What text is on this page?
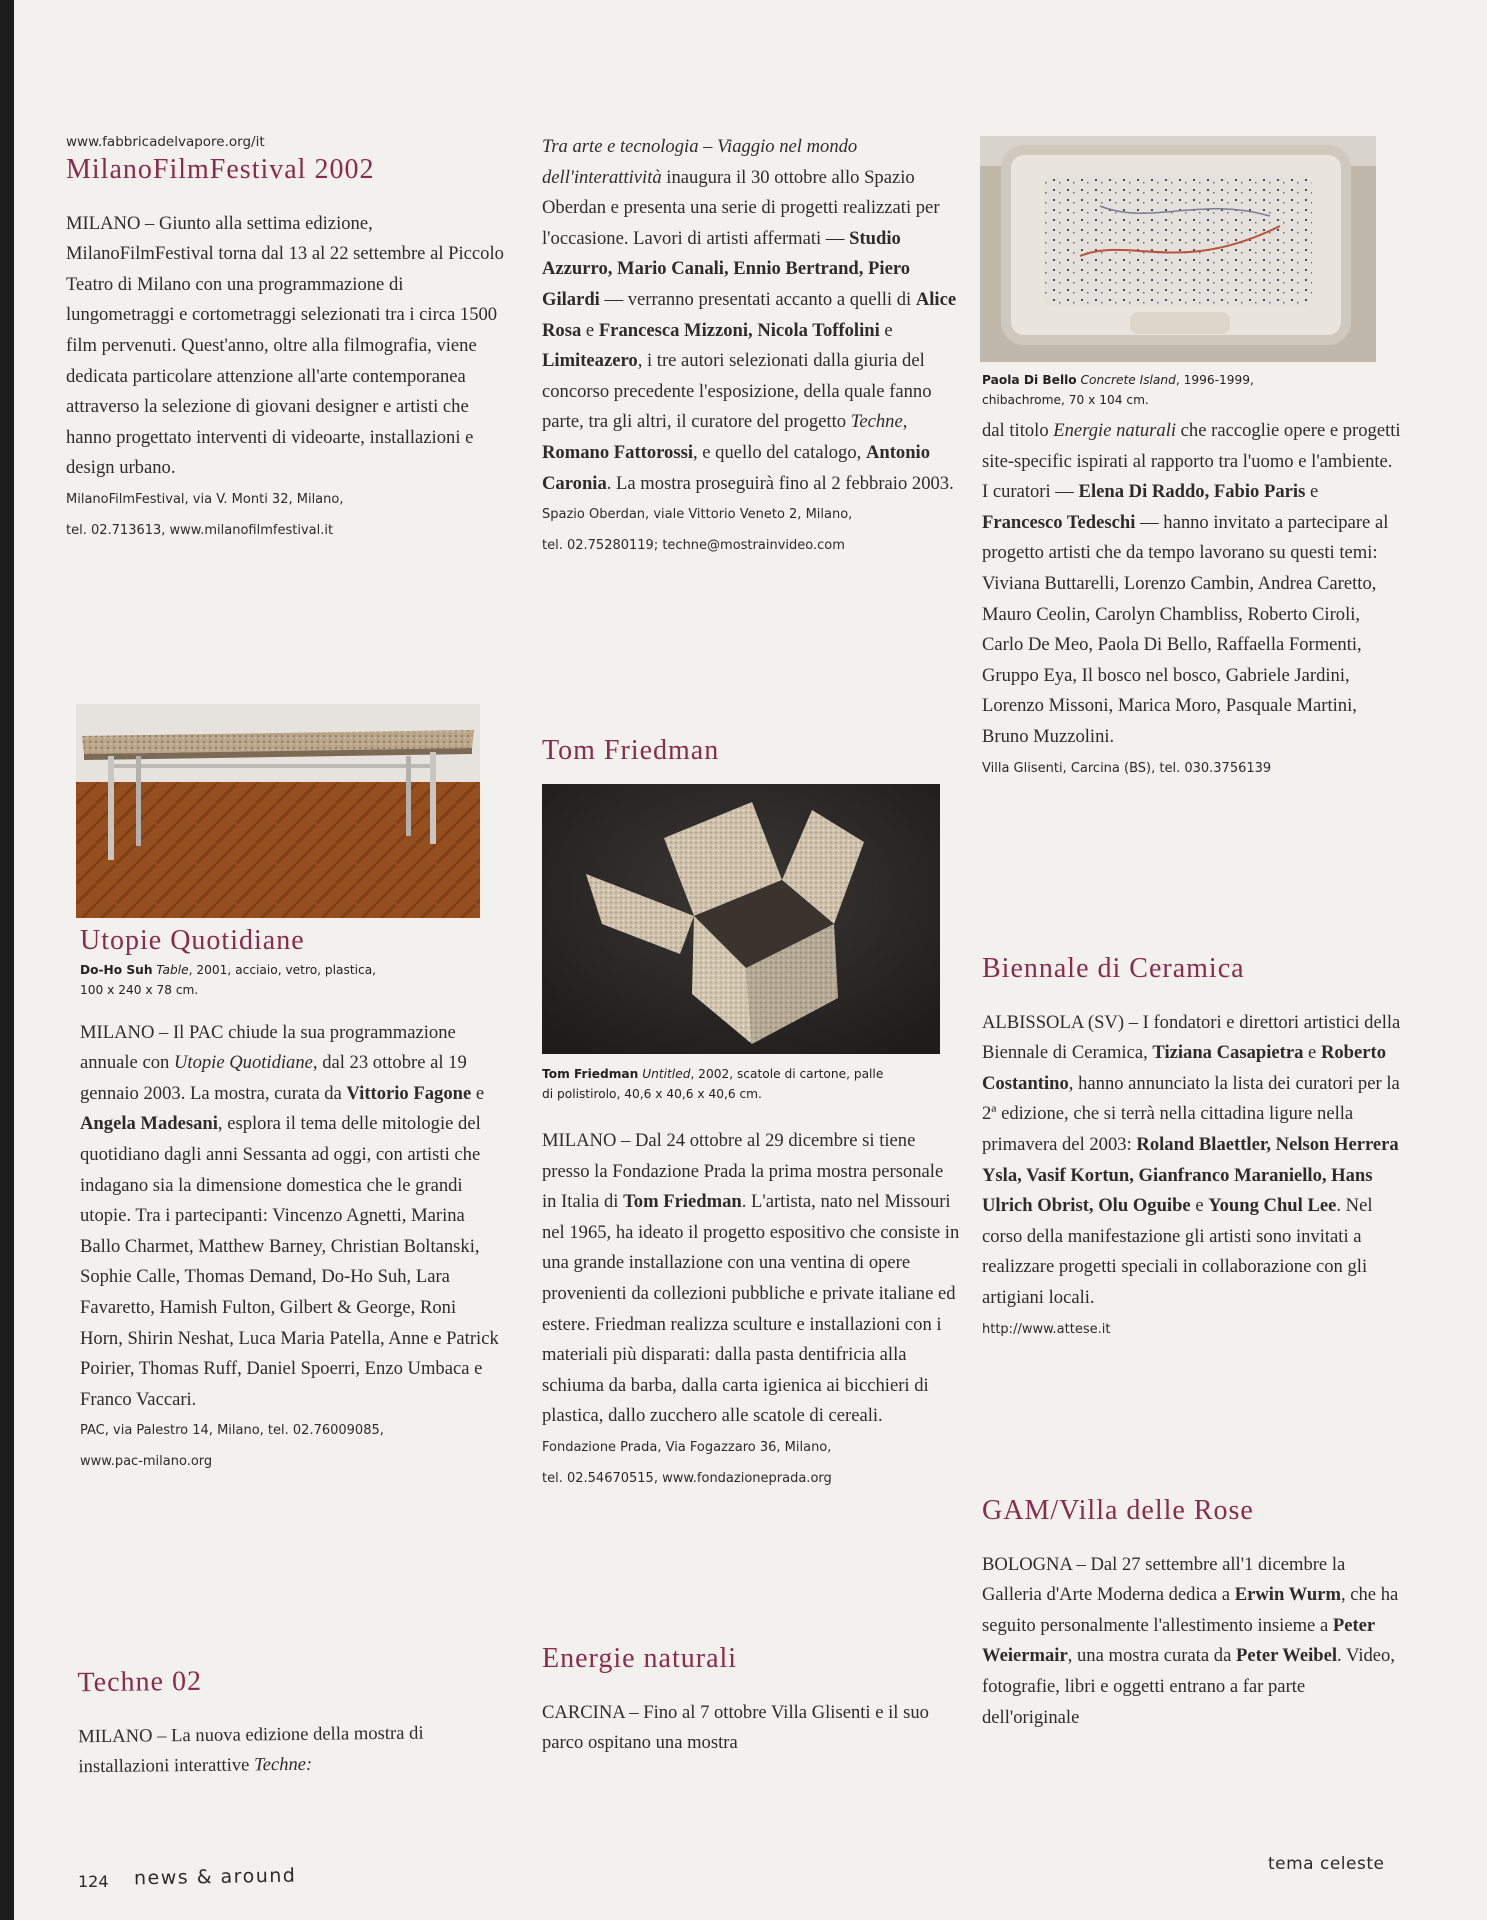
www.fabbricadelvapore.org/it

MilanoFilmFestival 2002

MILANO – Giunto alla settima edizione, MilanoFilmFestival torna dal 13 al 22 settembre al Piccolo Teatro di Milano con una programmazione di lungometraggi e cortometraggi selezionati tra i circa 1500 film pervenuti. Quest'anno, oltre alla filmografia, viene dedicata particolare attenzione all'arte contemporanea attraverso la selezione di giovani designer e artisti che hanno progettato interventi di videoarte, installazioni e design urbano.

MilanoFilmFestival, via V. Monti 32, Milano,

tel. 02.713613, www.milanofilmfestival.it

Utopie Quotidiane

Do-Ho Suh Table, 2001, acciaio, vetro, plastica,

100 x 240 x 78 cm.

MILANO – Il PAC chiude la sua programmazione annuale con Utopie Quotidiane, dal 23 ottobre al 19 gennaio 2003. La mostra, curata da Vittorio Fagone e Angela Madesani, esplora il tema delle mitologie del quotidiano dagli anni Sessanta ad oggi, con artisti che indagano sia la dimensione domestica che le grandi utopie. Tra i partecipanti: Vincenzo Agnetti, Marina Ballo Charmet, Matthew Barney, Christian Boltanski, Sophie Calle, Thomas Demand, Do-Ho Suh, Lara Favaretto, Hamish Fulton, Gilbert & George, Roni Horn, Shirin Neshat, Luca Maria Patella, Anne e Patrick Poirier, Thomas Ruff, Daniel Spoerri, Enzo Umbaca e Franco Vaccari.

PAC, via Palestro 14, Milano, tel. 02.76009085,

www.pac-milano.org

Techne 02

MILANO – La nuova edizione della mostra di installazioni interattive Techne:

Tra arte e tecnologia – Viaggio nel mondo dell'interattività inaugura il 30 ottobre allo Spazio Oberdan e presenta una serie di progetti realizzati per l'occasione. Lavori di artisti affermati — Studio Azzurro, Mario Canali, Ennio Bertrand, Piero Gilardi — verranno presentati accanto a quelli di Alice Rosa e Francesca Mizzoni, Nicola Toffolini e Limiteazero, i tre autori selezionati dalla giuria del concorso precedente l'esposizione, della quale fanno parte, tra gli altri, il curatore del progetto Techne, Romano Fattorossi, e quello del catalogo, Antonio Caronia. La mostra proseguirà fino al 2 febbraio 2003.

Spazio Oberdan, viale Vittorio Veneto 2, Milano,

tel. 02.75280119; techne@mostrainvideo.com

Tom Friedman

Tom Friedman Untitled, 2002, scatole di cartone, palle

di polistirolo, 40,6 x 40,6 x 40,6 cm.

MILANO – Dal 24 ottobre al 29 dicembre si tiene presso la Fondazione Prada la prima mostra personale in Italia di Tom Friedman. L'artista, nato nel Missouri nel 1965, ha ideato il progetto espositivo che consiste in una grande installazione con una ventina di opere provenienti da collezioni pubbliche e private italiane ed estere. Friedman realizza sculture e installazioni con i materiali più disparati: dalla pasta dentifricia alla schiuma da barba, dalla carta igienica ai bicchieri di plastica, dallo zucchero alle scatole di cereali.

Fondazione Prada, Via Fogazzaro 36, Milano,

tel. 02.54670515, www.fondazioneprada.org

Energie naturali

CARCINA – Fino al 7 ottobre Villa Glisenti e il suo parco ospitano una mostra

Paola Di Bello Concrete Island, 1996-1999,

chibachrome, 70 x 104 cm.

dal titolo Energie naturali che raccoglie opere e progetti site-specific ispirati al rapporto tra l'uomo e l'ambiente.
I curatori — Elena Di Raddo, Fabio Paris e Francesco Tedeschi — hanno invitato a partecipare al progetto artisti che da tempo lavorano su questi temi: Viviana Buttarelli, Lorenzo Cambin, Andrea Caretto, Mauro Ceolin, Carolyn Chambliss, Roberto Ciroli, Carlo De Meo, Paola Di Bello, Raffaella Formenti, Gruppo Eya, Il bosco nel bosco, Gabriele Jardini, Lorenzo Missoni, Marica Moro, Pasquale Martini, Bruno Muzzolini.

Villa Glisenti, Carcina (BS), tel. 030.3756139

Biennale di Ceramica

ALBISSOLA (SV) – I fondatori e direttori artistici della Biennale di Ceramica, Tiziana Casapietra e Roberto Costantino, hanno annunciato la lista dei curatori per la 2ª edizione, che si terrà nella cittadina ligure nella primavera del 2003: Roland Blaettler, Nelson Herrera Ysla, Vasif Kortun, Gianfranco Maraniello, Hans Ulrich Obrist, Olu Oguibe e Young Chul Lee. Nel corso della manifestazione gli artisti sono invitati a realizzare progetti speciali in collaborazione con gli artigiani locali.

http://www.attese.it

GAM/Villa delle Rose

BOLOGNA – Dal 27 settembre all'1 dicembre la Galleria d'Arte Moderna dedica a Erwin Wurm, che ha seguito personalmente l'allestimento insieme a Peter Weiermair, una mostra curata da Peter Weibel. Video, fotografie, libri e oggetti entrano a far parte dell'originale

124 news & around
tema celeste
